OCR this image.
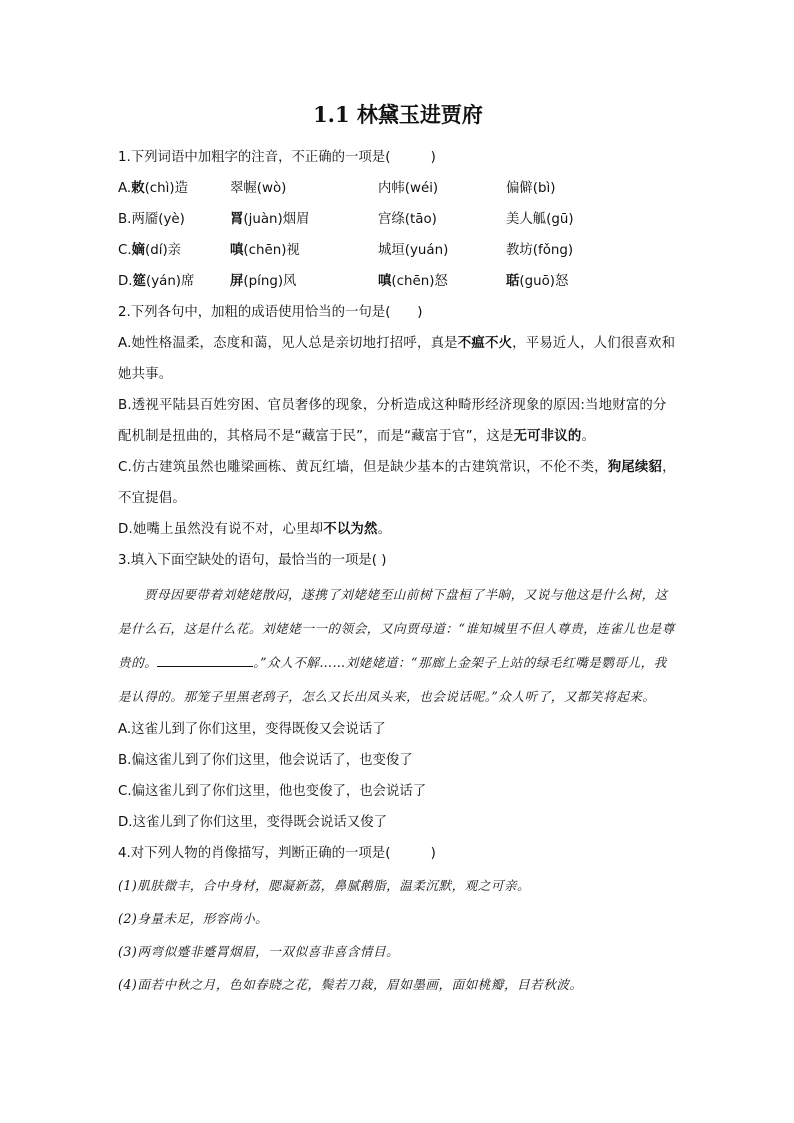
1.1 林黛玉进贾府
1.下列词语中加粗字的注音，不正确的一项是(　　　)
A.敕(chì)造	翠幄(wò)	内帏(wéi)	偏僻(bì)
B.两靥(yè)	罥(juàn)烟眉	宫绦(tāo)	美人觚(gū)
C.嫡(dí)亲	嗔(chēn)视	城垣(yuán)	教坊(fǒng)
D.筵(yán)席	屏(píng)风	嗔(chēn)怒	聒(guō)怒
2.下列各句中，加粗的成语使用恰当的一句是(　　)
A.她性格温柔，态度和蔼，见人总是亲切地打招呼，真是不瘟不火，平易近人，人们很喜欢和她共事。
B.透视平陆县百姓穷困、官员奢侈的现象，分析造成这种畸形经济现象的原因:当地财富的分配机制是扭曲的，其格局不是“藏富于民”，而是“藏富于官”，这是无可非议的。
C.仿古建筑虽然也雕梁画栋、黄瓦红墙，但是缺少基本的古建筑常识，不伦不类，狗尾续貂，不宜提倡。
D.她嘴上虽然没有说不对，心里却不以为然。
3.填入下面空缺处的语句，最恰当的一项是( )
贾母因要带着刘姥姥散闷，遂携了刘姥姥至山前树下盘桓了半晌，又说与他这是什么树，这是什么石，这是什么花。刘姥姥一一的领会，又向贾母道：“谁知城里不但人尊贵，连雀儿也是尊贵的。	。”众人不解……刘姥姥道：“那廊上金架子上站的绿毛红嘴是鹦哥儿，我是认得的。那笼子里黑老鸹子，怎么又长出凤头来，也会说话呢。”众人听了，又都笑将起来。
A.这雀儿到了你们这里，变得既俊又会说话了
B.偏这雀儿到了你们这里，他会说话了，也变俊了
C.偏这雀儿到了你们这里，他也变俊了，也会说话了
D.这雀儿到了你们这里，变得既会说话又俊了
4.对下列人物的肖像描写，判断正确的一项是(　　　)
(1)肌肤微丰，合中身材，腮凝新荔，鼻腻鹅脂，温柔沉默，观之可亲。
(2)身量未足，形容尚小。
(3)两弯似蹙非蹙罥烟眉，一双似喜非喜含情目。
(4)面若中秋之月，色如春晓之花，鬓若刀裁，眉如墨画，面如桃瓣，目若秋波。
